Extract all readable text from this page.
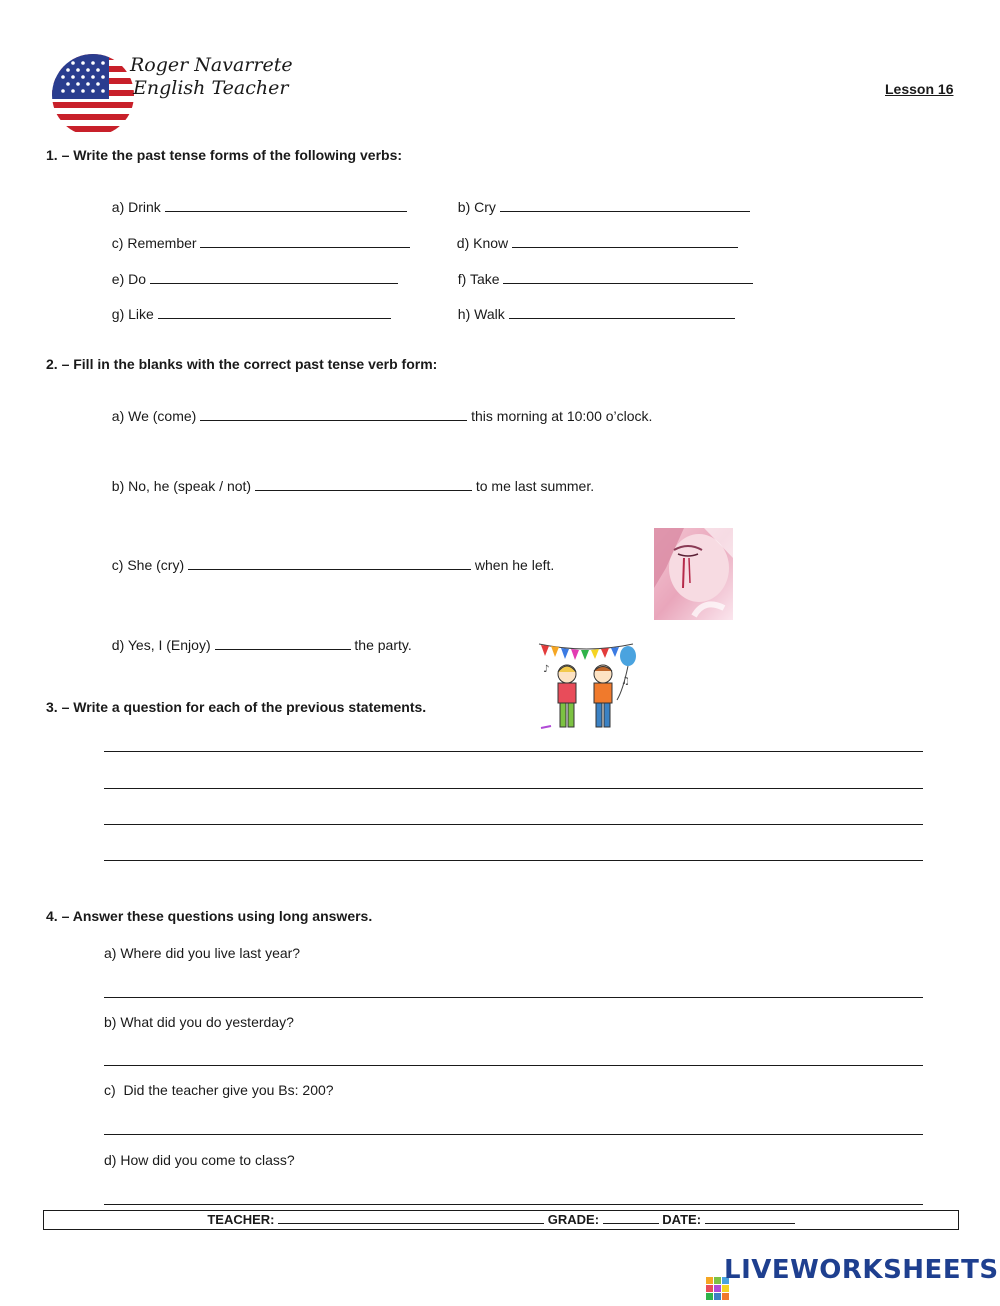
Roger Navarrete
English Teacher	Lesson 16
1. – Write the past tense forms of the following verbs:

a) Drink	b) Cry

c) Remember	d) Know

e) Do	f) Take

g) Like	h) Walk

2. – Fill in the blanks with the correct past tense verb form:

a) We (come)	this morning at 10:00 o’clock.

b) No, he (speak / not)	to me last summer.

c) She (cry)	when he left.

d) Yes, I (Enjoy)	the party.

♪
♫

3. – Write a question for each of the previous statements.
4. – Answer these questions using long answers.
a) Where did you live last year?
b) What did you do yesterday?
c)  Did the teacher give you Bs: 200?
d) How did you come to class?
TEACHER:	GRADE:	DATE:

LIVEWORKSHEETS
